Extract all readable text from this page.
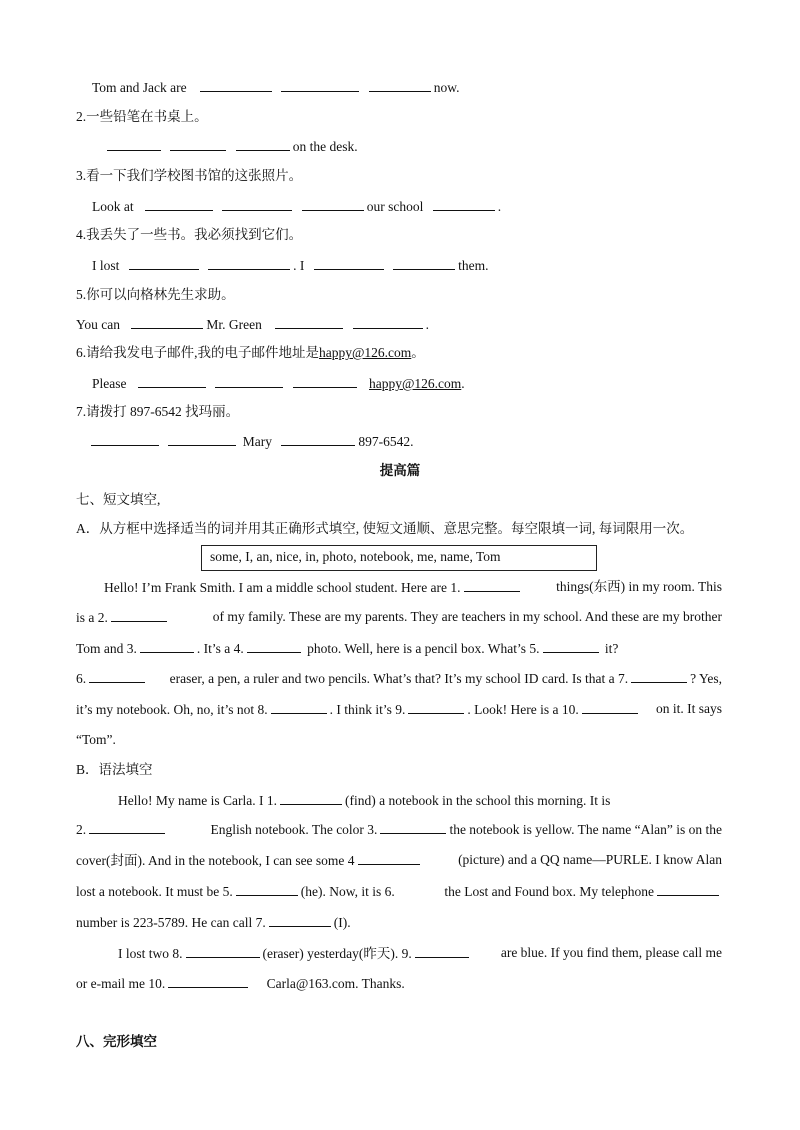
Tom and Jack are	now.
2.一些铅笔在书桌上。
on the desk.
3.看一下我们学校图书馆的这张照片。
Look at	our school	.
4.我丢失了一些书。我必须找到它们。
I lost	. I	them.
5.你可以向格林先生求助。
You can	Mr. Green	.
6.请给我发电子邮件,我的电子邮件地址是happy@126.com。
Please	happy@126.com.
7.请拨打 897-6542 找玛丽。
Mary	897-6542.
提高篇
七、短文填空,
A．从方框中选择适当的词并用其正确形式填空, 使短文通顺、意思完整。每空限填一词, 每词限用一次。
some, I, an, nice, in, photo, notebook, me, name, Tom
Hello! I’m Frank Smith. I am a middle school student. Here are 1.	things(东西) in my room. This
is a 2.	of my family. These are my parents. They are teachers in my school. And these are my brother
Tom and 3.	. It’s a 4.	photo. Well, here is a pencil box. What’s 5.	it?
6.	eraser, a pen, a ruler and two pencils. What’s that? It’s my school ID card. Is that a 7.	? Yes,
it’s my notebook. Oh, no, it’s not 8.	. I think it’s 9.	. Look! Here is a 10.	on it. It says
“Tom”.
B．语法填空
Hello! My name is Carla. I 1.	(find) a notebook in the school this morning. It is
2.	English notebook. The color 3.	the notebook is yellow. The name “Alan” is on the
cover(封面). And in the notebook, I can see some 4	(picture) and a QQ name—PURLE. I know Alan
lost a notebook. It must be 5.	(he). Now, it is 6.	the Lost and Found box. My telephone
number is 223-5789. He can call 7.	(I).
I lost two 8.	(eraser) yesterday(昨天). 9.	are blue. If you find them, please call me
or e-mail me 10.	Carla@163.com. Thanks.
八、完形填空
